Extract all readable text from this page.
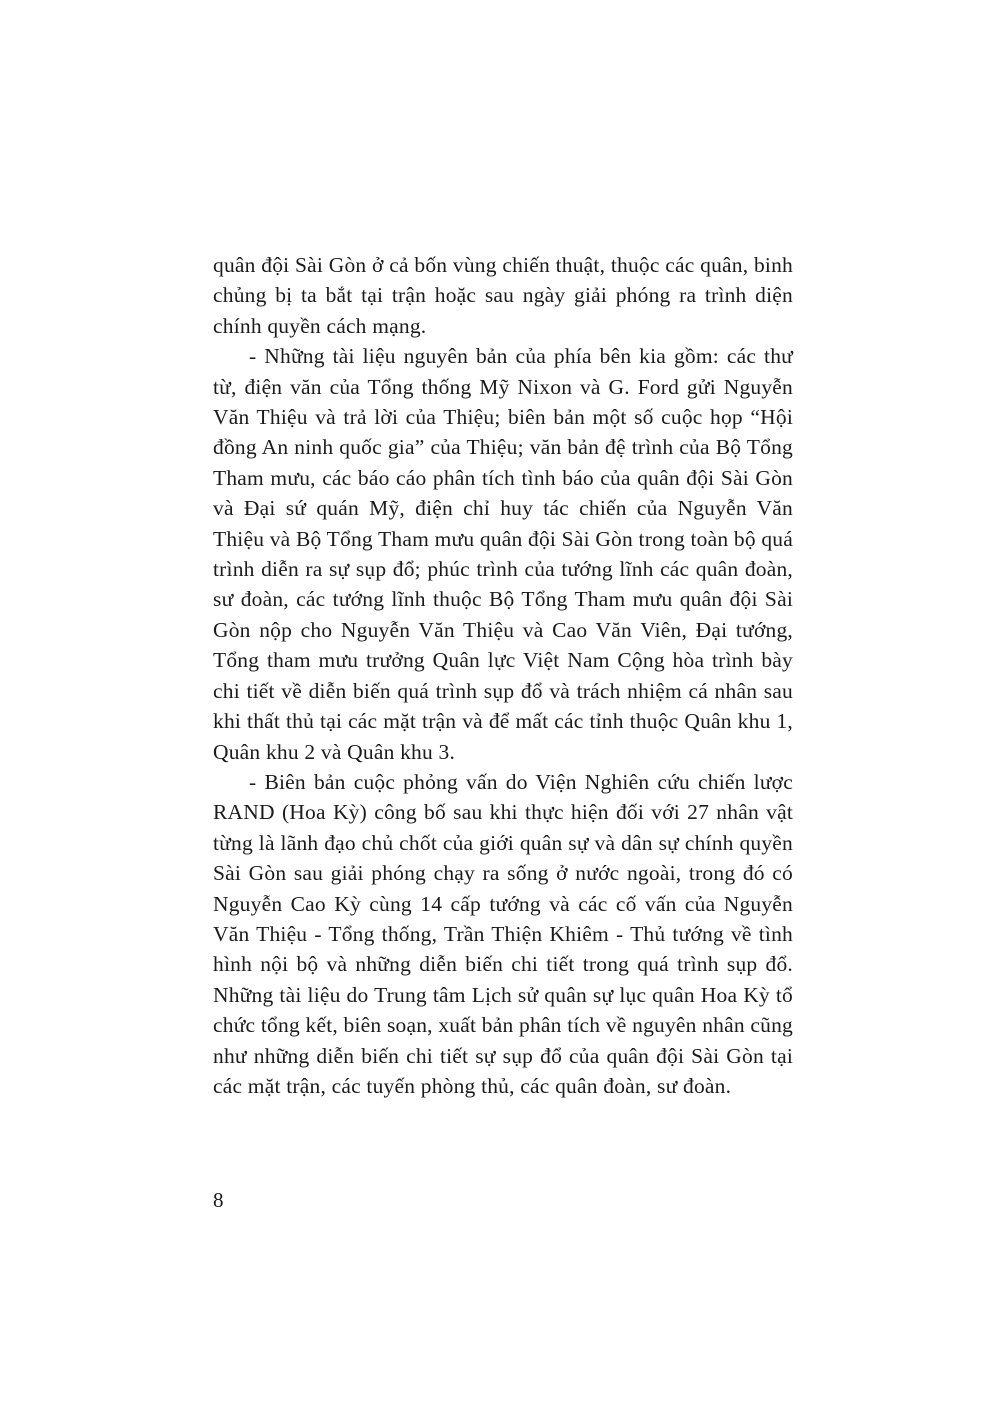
quân đội Sài Gòn ở cả bốn vùng chiến thuật, thuộc các quân, binh chủng bị ta bắt tại trận hoặc sau ngày giải phóng ra trình diện chính quyền cách mạng.

- Những tài liệu nguyên bản của phía bên kia gồm: các thư từ, điện văn của Tổng thống Mỹ Nixon và G. Ford gửi Nguyễn Văn Thiệu và trả lời của Thiệu; biên bản một số cuộc họp “Hội đồng An ninh quốc gia” của Thiệu; văn bản đệ trình của Bộ Tổng Tham mưu, các báo cáo phân tích tình báo của quân đội Sài Gòn và Đại sứ quán Mỹ, điện chỉ huy tác chiến của Nguyễn Văn Thiệu và Bộ Tổng Tham mưu quân đội Sài Gòn trong toàn bộ quá trình diễn ra sự sụp đổ; phúc trình của tướng lĩnh các quân đoàn, sư đoàn, các tướng lĩnh thuộc Bộ Tổng Tham mưu quân đội Sài Gòn nộp cho Nguyễn Văn Thiệu và Cao Văn Viên, Đại tướng, Tổng tham mưu trưởng Quân lực Việt Nam Cộng hòa trình bày chi tiết về diễn biến quá trình sụp đổ và trách nhiệm cá nhân sau khi thất thủ tại các mặt trận và để mất các tỉnh thuộc Quân khu 1, Quân khu 2 và Quân khu 3.

- Biên bản cuộc phỏng vấn do Viện Nghiên cứu chiến lược RAND (Hoa Kỳ) công bố sau khi thực hiện đối với 27 nhân vật từng là lãnh đạo chủ chốt của giới quân sự và dân sự chính quyền Sài Gòn sau giải phóng chạy ra sống ở nước ngoài, trong đó có Nguyễn Cao Kỳ cùng 14 cấp tướng và các cố vấn của Nguyễn Văn Thiệu - Tổng thống, Trần Thiện Khiêm - Thủ tướng về tình hình nội bộ và những diễn biến chi tiết trong quá trình sụp đổ. Những tài liệu do Trung tâm Lịch sử quân sự lục quân Hoa Kỳ tổ chức tổng kết, biên soạn, xuất bản phân tích về nguyên nhân cũng như những diễn biến chi tiết sự sụp đổ của quân đội Sài Gòn tại các mặt trận, các tuyến phòng thủ, các quân đoàn, sư đoàn.

8
